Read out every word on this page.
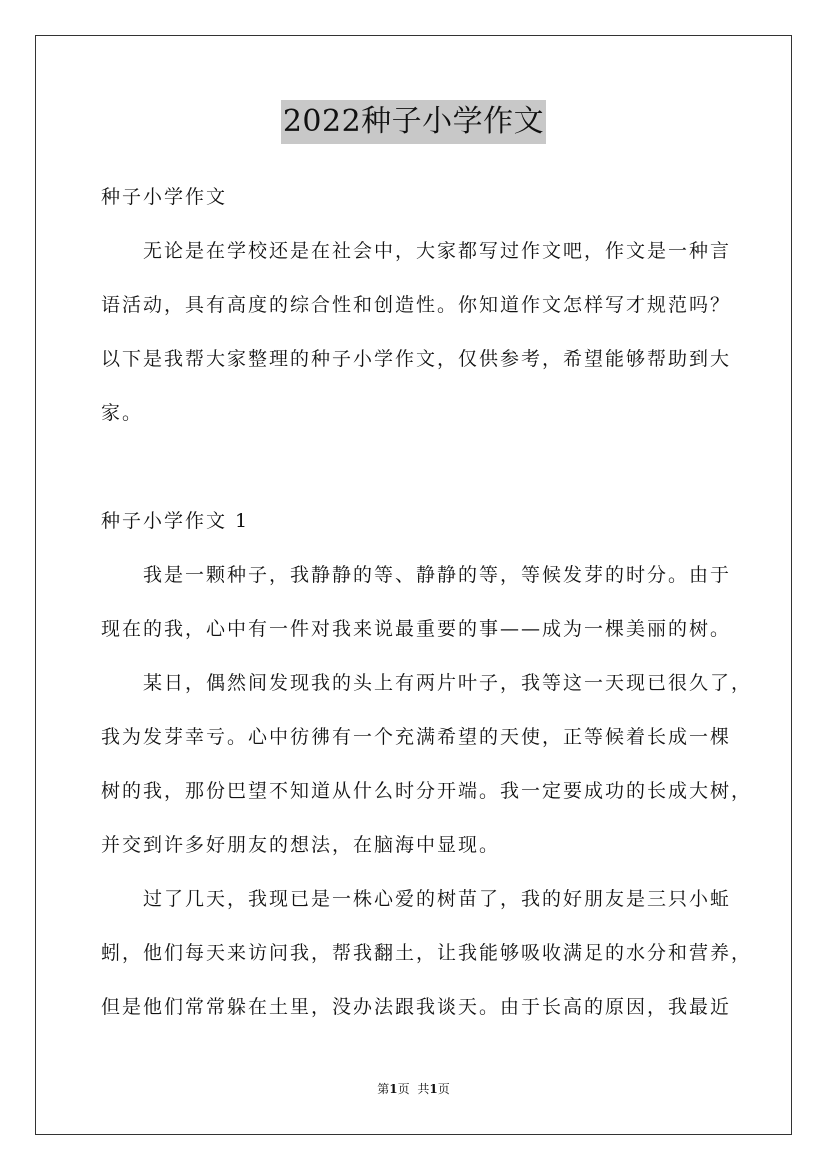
2022种子小学作文
种子小学作文
无论是在学校还是在社会中，大家都写过作文吧，作文是一种言
语活动，具有高度的综合性和创造性。你知道作文怎样写才规范吗？
以下是我帮大家整理的种子小学作文，仅供参考，希望能够帮助到大
家。
种子小学作文 1
我是一颗种子，我静静的等、静静的等，等候发芽的时分。由于
现在的我，心中有一件对我来说最重要的事——成为一棵美丽的树。
某日，偶然间发现我的头上有两片叶子，我等这一天现已很久了，
我为发芽幸亏。心中彷彿有一个充满希望的天使，正等候着长成一棵
树的我，那份巴望不知道从什么时分开端。我一定要成功的长成大树，
并交到许多好朋友的想法，在脑海中显现。
过了几天，我现已是一株心爱的树苗了，我的好朋友是三只小蚯
蚓，他们每天来访问我，帮我翻土，让我能够吸收满足的水分和营养，
但是他们常常躲在土里，没办法跟我谈天。由于长高的原因，我最近
第1页 共1页
